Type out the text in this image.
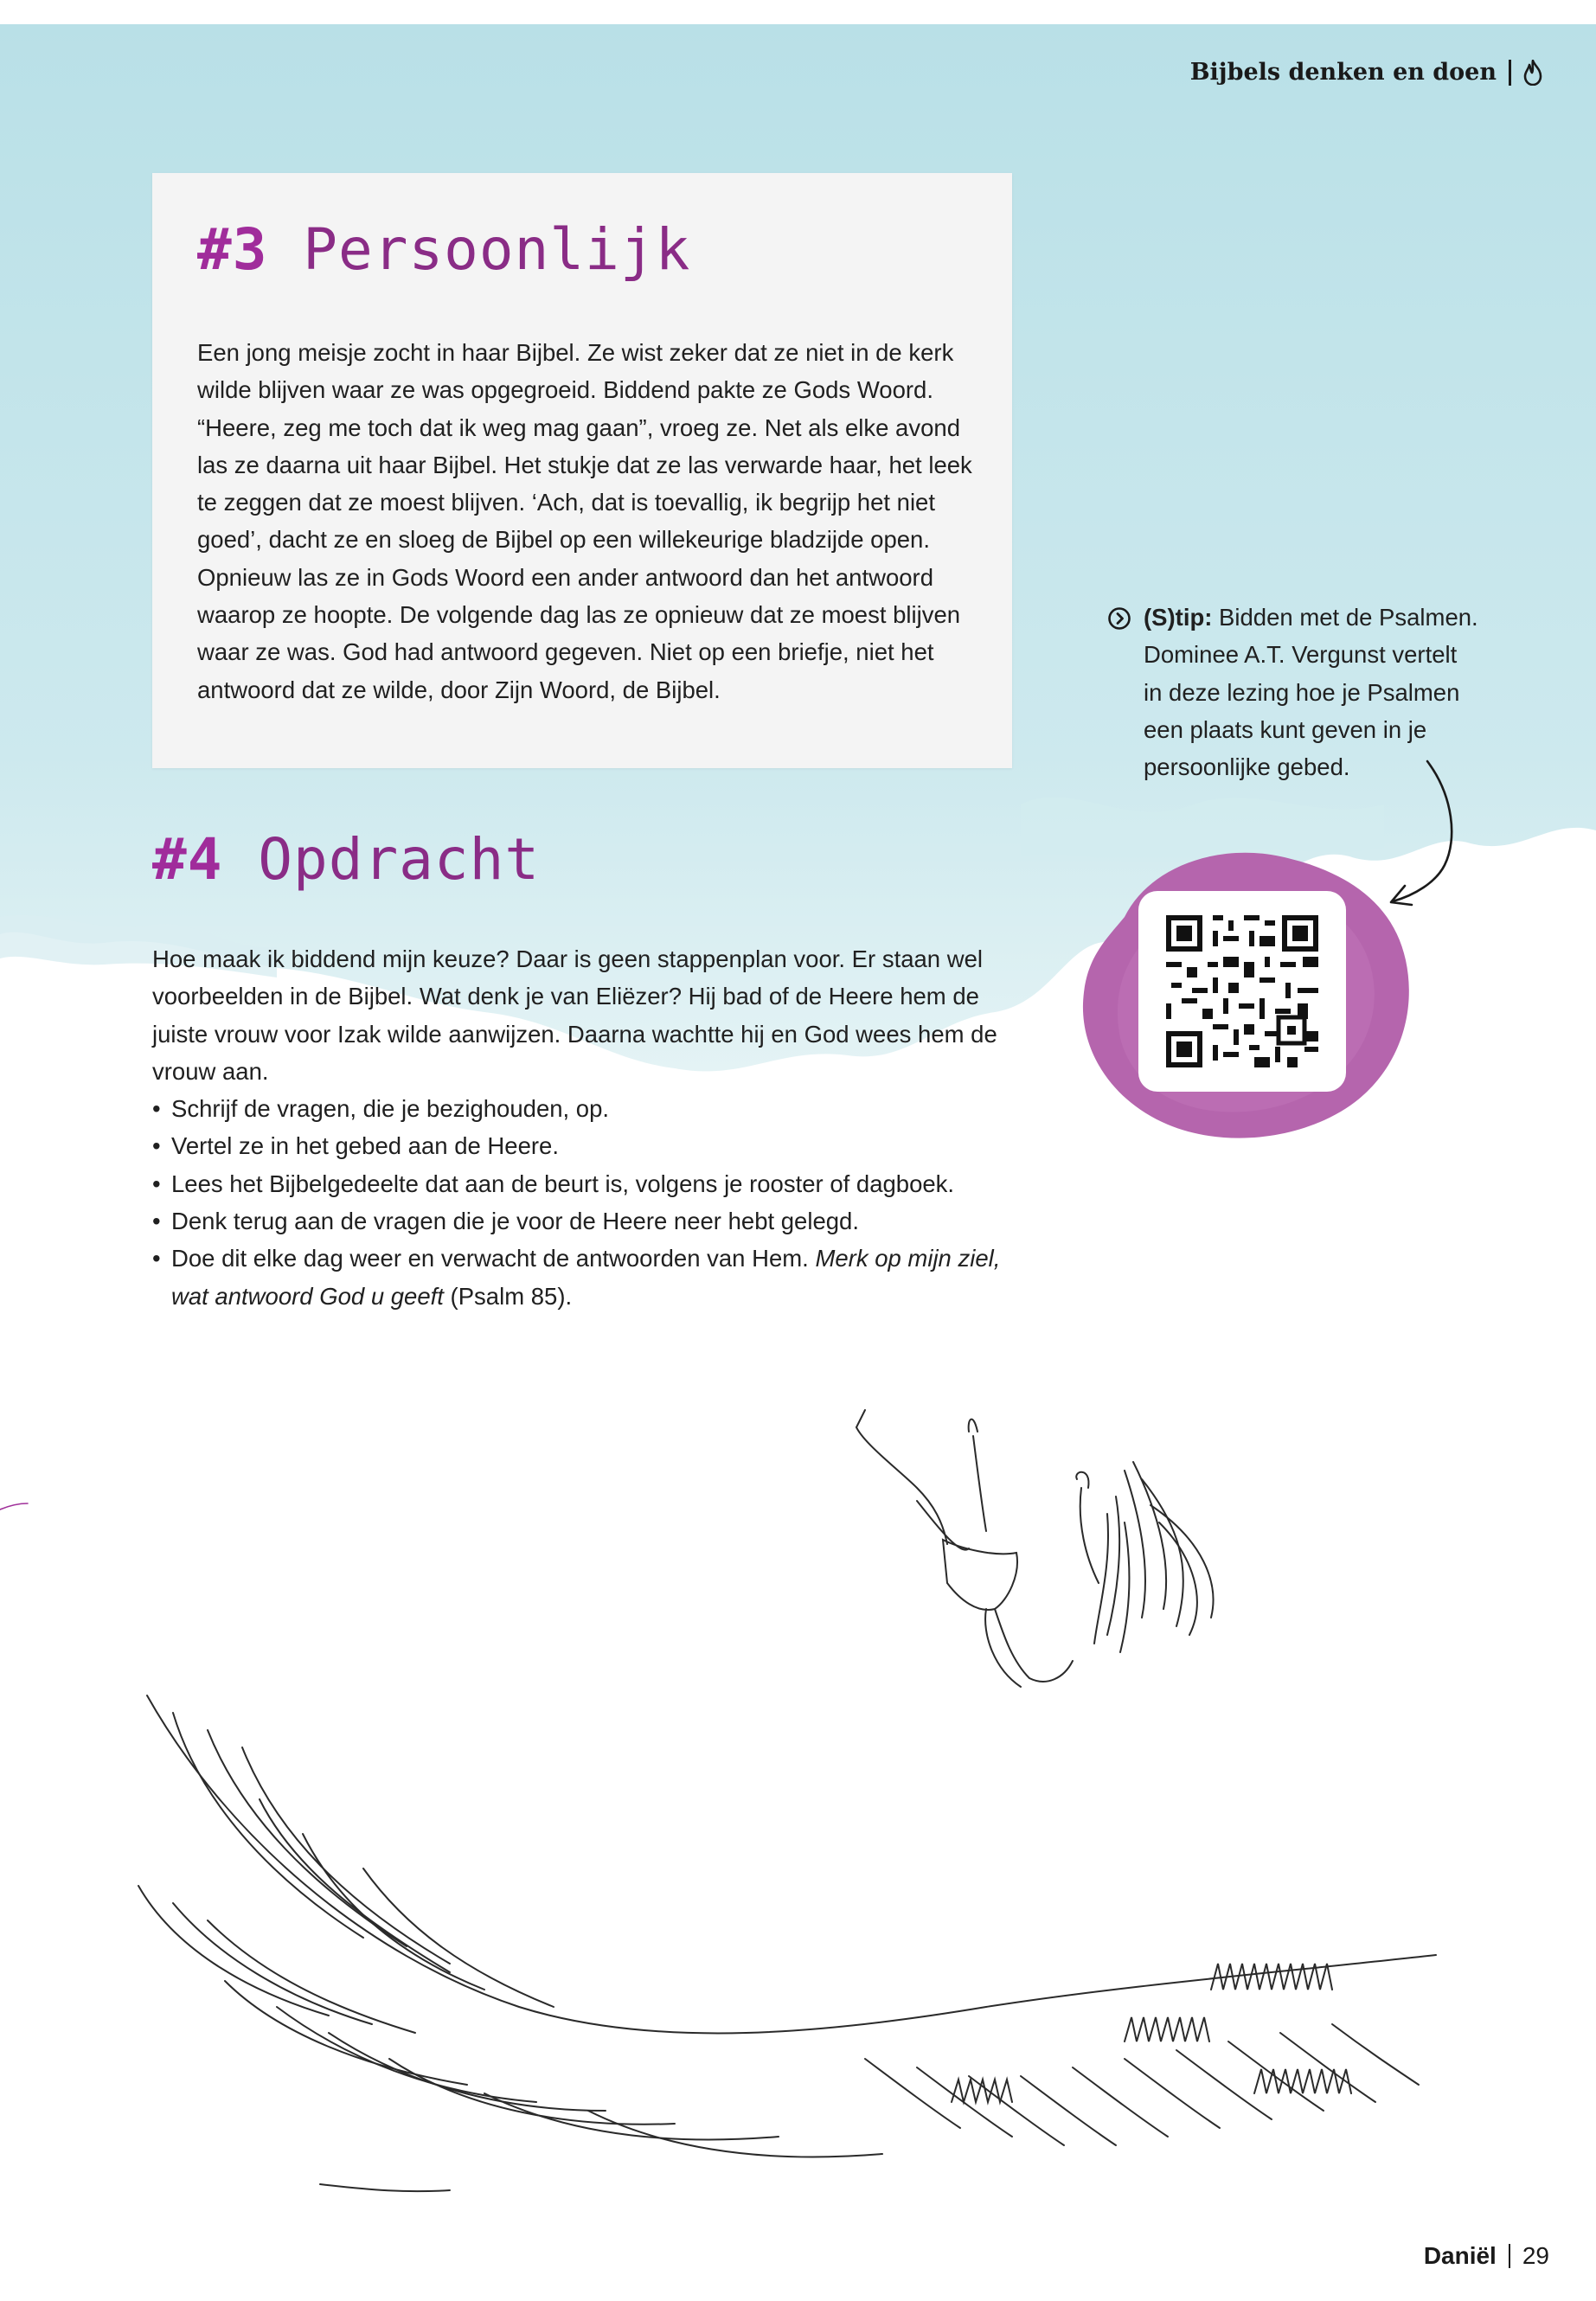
Bijbels denken en doen
#3 Persoonlijk

Een jong meisje zocht in haar Bijbel. Ze wist zeker dat ze niet in de kerk wilde blijven waar ze was opgegroeid. Biddend pakte ze Gods Woord. “Heere, zeg me toch dat ik weg mag gaan”, vroeg ze. Net als elke avond las ze daarna uit haar Bijbel. Het stukje dat ze las verwarde haar, het leek te zeggen dat ze moest blijven. ‘Ach, dat is toevallig, ik begrijp het niet goed’, dacht ze en sloeg de Bijbel op een willekeurige bladzijde open. Opnieuw las ze in Gods Woord een ander antwoord dan het antwoord waarop ze hoopte. De volgende dag las ze opnieuw dat ze moest blijven waar ze was. God had antwoord gegeven. Niet op een briefje, niet het antwoord dat ze wilde, door Zijn Woord, de Bijbel.

(S)tip: Bidden met de Psalmen. Dominee A.T. Vergunst vertelt in deze lezing hoe je Psalmen een plaats kunt geven in je persoonlijke gebed.
#4 Opdracht

Hoe maak ik biddend mijn keuze? Daar is geen stappenplan voor. Er staan wel voorbeelden in de Bijbel. Wat denk je van Eliëzer? Hij bad of de Heere hem de juiste vrouw voor Izak wilde aanwijzen. Daarna wachtte hij en God wees hem de vrouw aan.

• Schrijf de vragen, die je bezighouden, op.
• Vertel ze in het gebed aan de Heere.
• Lees het Bijbelgedeelte dat aan de beurt is, volgens je rooster of dagboek.
• Denk terug aan de vragen die je voor de Heere neer hebt gelegd.
• Doe dit elke dag weer en verwacht de antwoorden van Hem. Merk op mijn ziel, wat antwoord God u geeft (Psalm 85).
Daniël 29
